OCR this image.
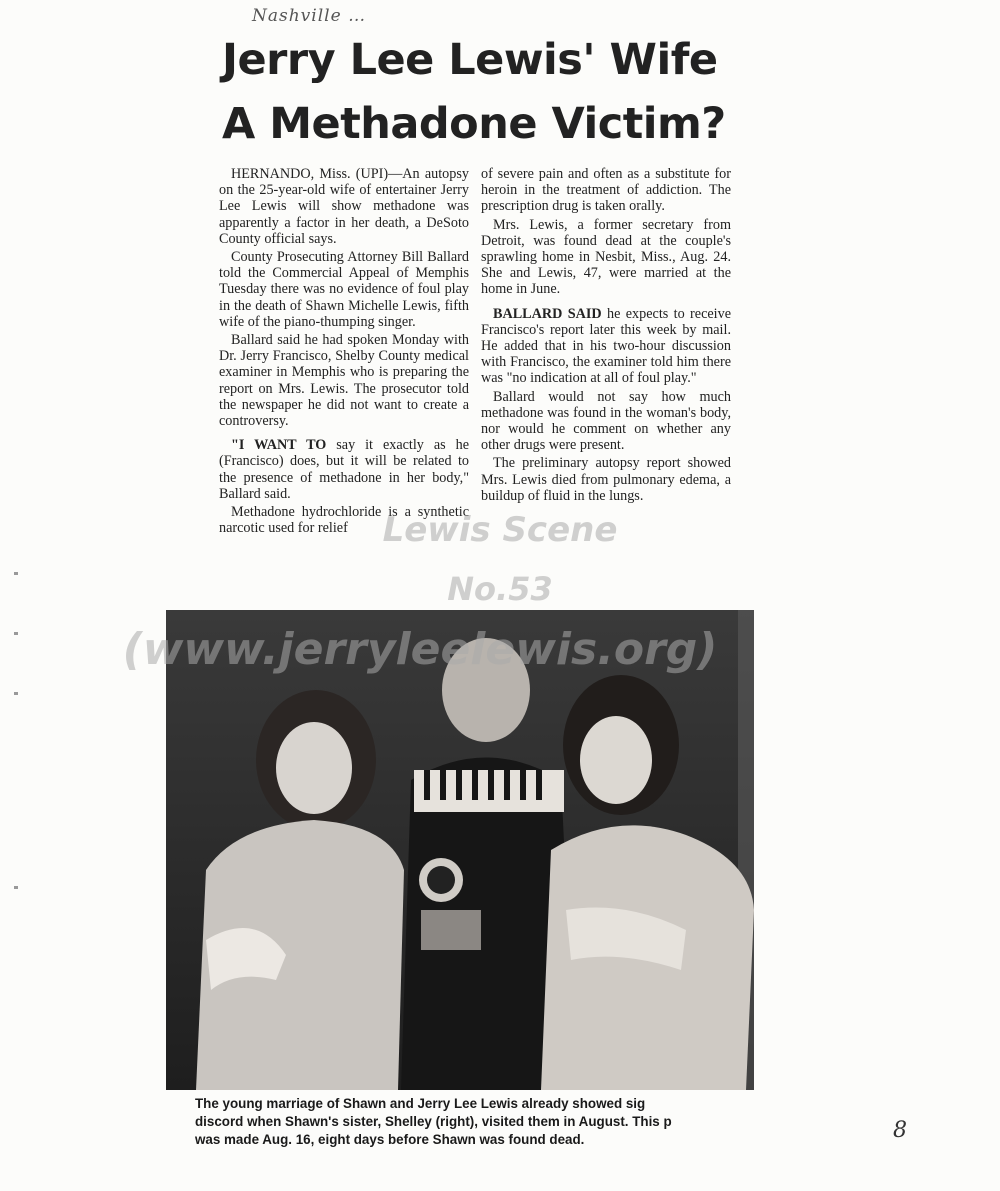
Nashville …
Jerry Lee Lewis' Wife
A Methadone Victim?

HERNANDO, Miss. (UPI)—An autopsy on the 25-year-old wife of entertainer Jerry Lee Lewis will show methadone was apparently a factor in her death, a DeSoto County official says.

County Prosecuting Attorney Bill Ballard told the Commercial Appeal of Memphis Tuesday there was no evidence of foul play in the death of Shawn Michelle Lewis, fifth wife of the piano-thumping singer.

Ballard said he had spoken Monday with Dr. Jerry Francisco, Shelby County medical examiner in Memphis who is preparing the report on Mrs. Lewis. The prosecutor told the newspaper he did not want to create a controversy.

"I WANT TO say it exactly as he (Francisco) does, but it will be related to the presence of methadone in her body," Ballard said.

Methadone hydrochloride is a synthetic narcotic used for relief

of severe pain and often as a substitute for heroin in the treatment of addiction. The prescription drug is taken orally.

Mrs. Lewis, a former secretary from Detroit, was found dead at the couple's sprawling home in Nesbit, Miss., Aug. 24. She and Lewis, 47, were married at the home in June.

BALLARD SAID he expects to receive Francisco's report later this week by mail. He added that in his two-hour discussion with Francisco, the examiner told him there was "no indication at all of foul play."

Ballard would not say how much methadone was found in the woman's body, nor would he comment on whether any other drugs were present.

The preliminary autopsy report showed Mrs. Lewis died from pulmonary edema, a buildup of fluid in the lungs.

The young marriage of Shawn and Jerry Lee Lewis already showed sig
discord when Shawn's sister, Shelley (right), visited them in August. This p
was made Aug. 16, eight days before Shawn was found dead.
Lewis Scene
No.53
(www.jerryleelewis.org)
8
